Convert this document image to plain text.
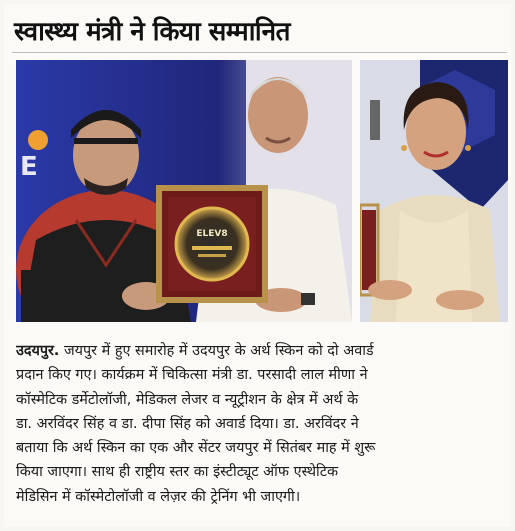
स्वास्थ्य मंत्री ने किया सम्मानित
E
ELEV8
उदयपुर. जयपुर में हुए समारोह में उदयपुर के अर्थ स्किन को दो अवार्ड
प्रदान किए गए। कार्यक्रम में चिकित्सा मंत्री डा. परसादी लाल मीणा ने
कॉस्मेटिक डर्मेटोलॉजी, मेडिकल लेजर व न्यूट्रीशन के क्षेत्र में अर्थ के
डा. अरविंदर सिंह व डा. दीपा सिंह को अवार्ड दिया। डा. अरविंदर ने
बताया कि अर्थ स्किन का एक और सेंटर जयपुर में सितंबर माह में शुरू
किया जाएगा। साथ ही राष्ट्रीय स्तर का इंस्टीट्यूट ऑफ एस्थेटिक
मेडिसिन में कॉस्मेटोलॉजी व लेज़र की ट्रेनिंग भी जाएगी।
